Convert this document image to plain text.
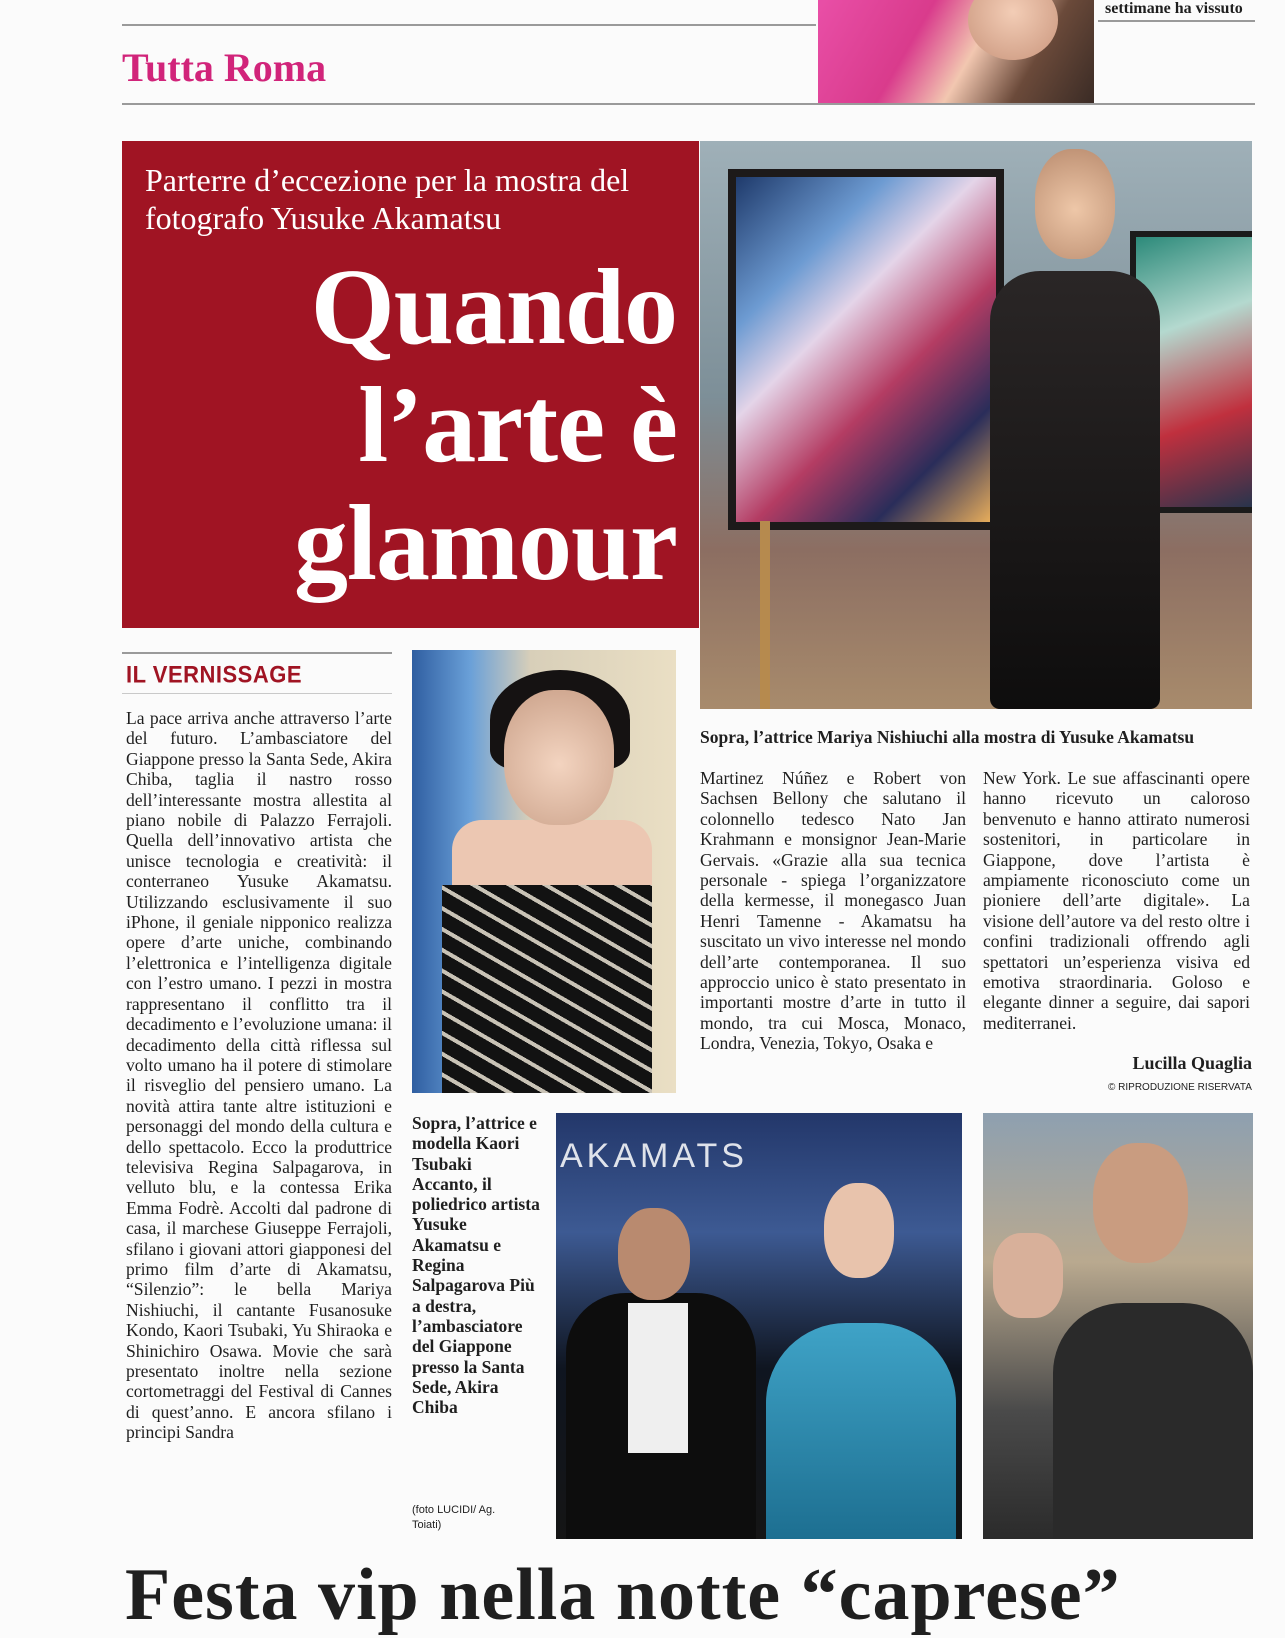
settimane ha vissuto
Tutta Roma
Parterre d’eccezione per la mostra del fotografo Yusuke Akamatsu
Quando l’arte è glamour
Sopra, l’attrice Mariya Nishiuchi alla mostra di Yusuke Akamatsu
IL VERNISSAGE

La pace arriva anche attraverso l’arte del futuro. L’ambasciatore del Giappone presso la Santa Sede, Akira Chiba, taglia il nastro rosso dell’interessante mostra allestita al piano nobile di Palazzo Ferrajoli. Quella dell’innovativo artista che unisce tecnologia e creatività: il conterraneo Yusuke Akamatsu. Utilizzando esclusivamente il suo iPhone, il geniale nipponico realizza opere d’arte uniche, combinando l’elettronica e l’intelligenza digitale con l’estro umano. I pezzi in mostra rappresentano il conflitto tra il decadimento e l’evoluzione umana: il decadimento della città riflessa sul volto umano ha il potere di stimolare il risveglio del pensiero umano. La novità attira tante altre istituzioni e personaggi del mondo della cultura e dello spettacolo. Ecco la produttrice televisiva Regina Salpagarova, in velluto blu, e la contessa Erika Emma Fodrè. Accolti dal padrone di casa, il marchese Giuseppe Ferrajoli, sfilano i giovani attori giapponesi del primo film d’arte di Akamatsu, “Silenzio”: le bella Mariya Nishiuchi, il cantante Fusanosuke Kondo, Kaori Tsubaki, Yu Shiraoka e Shinichiro Osawa. Movie che sarà presentato inoltre nella sezione cortometraggi del Festival di Cannes di quest’anno. E ancora sfilano i principi Sandra

Martinez Núñez e Robert von Sachsen Bellony che salutano il colonnello tedesco Nato Jan Krahmann e monsignor Jean-Marie Gervais. «Grazie alla sua tecnica personale - spiega l’organizzatore della kermesse, il monegasco Juan Henri Tamenne - Akamatsu ha suscitato un vivo interesse nel mondo dell’arte contemporanea. Il suo approccio unico è stato presentato in importanti mostre d’arte in tutto il mondo, tra cui Mosca, Monaco, Londra, Venezia, Tokyo, Osaka e

New York. Le sue affascinanti opere hanno ricevuto un caloroso benvenuto e hanno attirato numerosi sostenitori, in particolare in Giappone, dove l’artista è ampiamente riconosciuto come un pioniere dell’arte digitale». La visione dell’autore va del resto oltre i confini tradizionali offrendo agli spettatori un’esperienza visiva ed emotiva straordinaria. Goloso e elegante dinner a seguire, dai sapori mediterranei.

Lucilla Quaglia
© RIPRODUZIONE RISERVATA
Sopra, l’attrice e modella Kaori Tsubaki Accanto, il poliedrico artista Yusuke Akamatsu e Regina Salpagarova Più a destra, l’ambasciatore del Giappone presso la Santa Sede, Akira Chiba
(foto LUCIDI/ Ag. Toiati)
AKAMATS
Festa vip nella notte “caprese”
